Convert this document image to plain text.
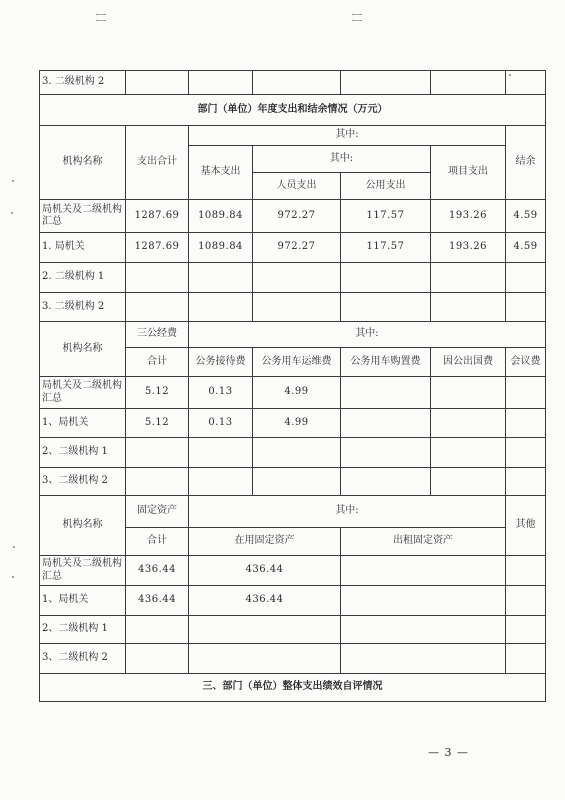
3. 二级机构 2						
部门（单位）年度支出和结余情况（万元）						
机构名称	支出合计	其中:				结余
		基本支出	其中:		项目支出	
			人员支出	公用支出		
局机关及二级机构汇总	1287.69	1089.84	972.27	117.57	193.26	4.59
1. 局机关	1287.69	1089.84	972.27	117.57	193.26	4.59
2. 二级机构 1						
3. 二级机构 2						
机构名称	三公经费	其中:				
	合计	公务接待费	公务用车运维费	公务用车购置费	因公出国费	会议费
局机关及二级机构汇总	5.12	0.13	4.99			
1、局机关	5.12	0.13	4.99			
2、二级机构 1						
3、二级机构 2						
机构名称	固定资产	其中:				其他
	合计	在用固定资产		出租固定资产		
局机关及二级机构汇总	436.44	436.44				
1、局机关	436.44	436.44				
2、二级机构 1						
3、二级机构 2						
三、部门（单位）整体支出绩效自评情况						
— 3 —
